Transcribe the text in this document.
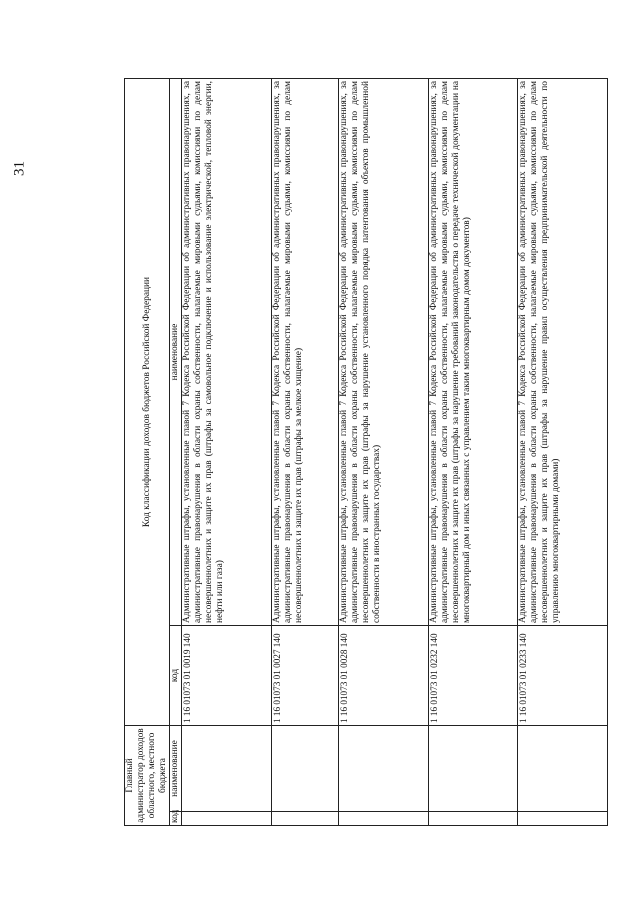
31
Главный администратор доходов областного, местного бюджета		Код классификации доходов бюджетов Российской Федерации	
код	наименование	код	наименование
		1 16 01073 01 0019 140	Административные штрафы, установленные главой 7 Кодекса Российской Федерации об административных правонарушениях, за административные правонарушения в области охраны собственности, налагаемые мировыми судьями, комиссиями по делам несовершеннолетних и защите их прав (штрафы за самовольное подключение и использование электрической, тепловой энергии, нефти или газа)
		1 16 01073 01 0027 140	Административные штрафы, установленные главой 7 Кодекса Российской Федерации об административных правонарушениях, за административные правонарушения в области охраны собственности, налагаемые мировыми судьями, комиссиями по делам несовершеннолетних и защите их прав (штрафы за мелкое хищение)
		1 16 01073 01 0028 140	Административные штрафы, установленные главой 7 Кодекса Российской Федерации об административных правонарушениях, за административные правонарушения в области охраны собственности, налагаемые мировыми судьями, комиссиями по делам несовершеннолетних и защите их прав (штрафы за нарушение установленного порядка патентования объектов промышленной собственности в иностранных государствах)
		1 16 01073 01 0232 140	Административные штрафы, установленные главой 7 Кодекса Российской Федерации об административных правонарушениях, за административные правонарушения в области охраны собственности, налагаемые мировыми судьями, комиссиями по делам несовершеннолетних и защите их прав (штрафы за нарушение требований законодательства о передаче технической документации на многоквартирный дом и иных связанных с управлением таким многоквартирным домом документов)
		1 16 01073 01 0233 140	Административные штрафы, установленные главой 7 Кодекса Российской Федерации об административных правонарушениях, за административные правонарушения в области охраны собственности, налагаемые мировыми судьями, комиссиями по делам несовершеннолетних и защите их прав (штрафы за нарушение правил осуществления предпринимательской деятельности по управлению многоквартирными домами)
